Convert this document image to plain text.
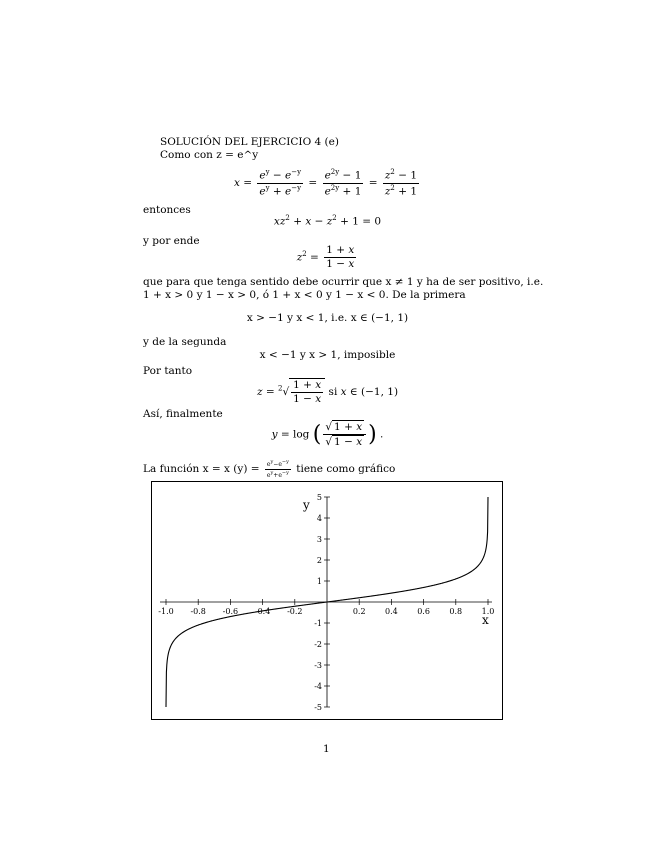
SOLUCIÓN DEL EJERCICIO 4 (e)
Como con z = e^y
$x = \frac{e^y - e^{-y}}{e^y + e^{-y}} = \frac{e^{2y} - 1}{e^{2y} + 1} = \frac{z^2 - 1}{z^2 + 1}$
entonces
$xz^2 + x - z^2 + 1 = 0$
y por ende
$z^2 = \frac{1 + x}{1 - x}$
que para que tenga sentido debe ocurrir que x ≠ 1 y ha de ser positivo, i.e.
1 + x > 0 y 1 − x > 0, ó 1 + x < 0 y 1 − x < 0. De la primera
x > −1 y x < 1, i.e. x ∈ (−1, 1)
y de la segunda
x < −1 y x > 1, imposible
Por tanto
$z = ^2√ \frac{1 + x}{1 - x}$ si x ∈ (−1, 1)
Así, finalmente
y = log ( $\frac{√ 1 + x}{√ 1 - x}$ ) .
La función x = x $(y) = \frac{e^y-e^{-y}}{e^y+e^{-y}}$ tiene como gráfico
-1.0 -0.8 -0.6 -0.4 -0.2	0.2 0.4 0.6 0.8 1.0
5
4
3
2
1
-1
-2
-3
-4
-5
x
y
1
